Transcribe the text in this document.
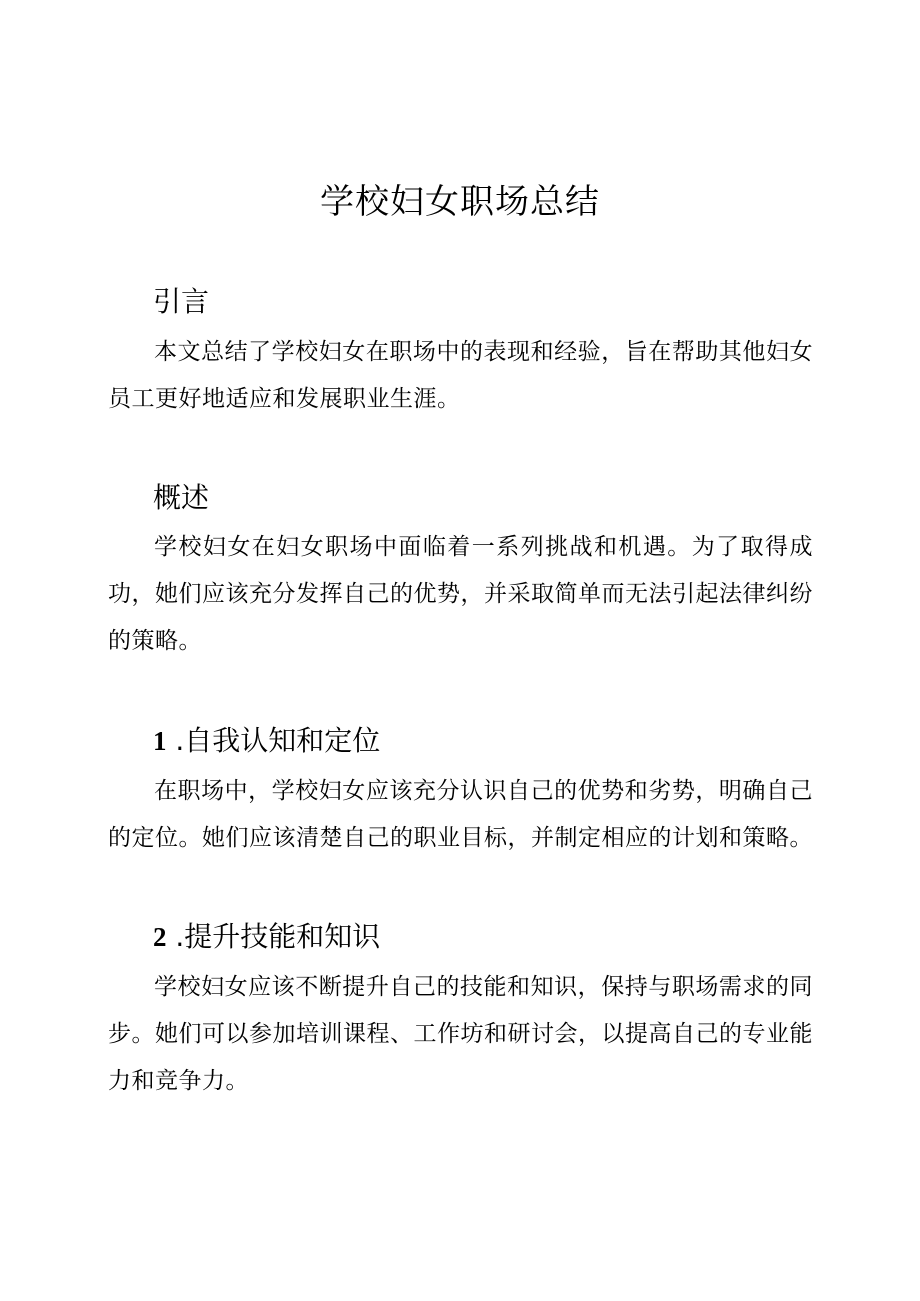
学校妇女职场总结
引言

本文总结了学校妇女在职场中的表现和经验，旨在帮助其他妇女员工更好地适应和发展职业生涯。

概述

学校妇女在妇女职场中面临着一系列挑战和机遇。为了取得成功，她们应该充分发挥自己的优势，并采取简单而无法引起法律纠纷的策略。

1 .自我认知和定位

在职场中，学校妇女应该充分认识自己的优势和劣势，明确自己的定位。她们应该清楚自己的职业目标，并制定相应的计划和策略。

2 .提升技能和知识

学校妇女应该不断提升自己的技能和知识，保持与职场需求的同步。她们可以参加培训课程、工作坊和研讨会，以提高自己的专业能力和竞争力。
